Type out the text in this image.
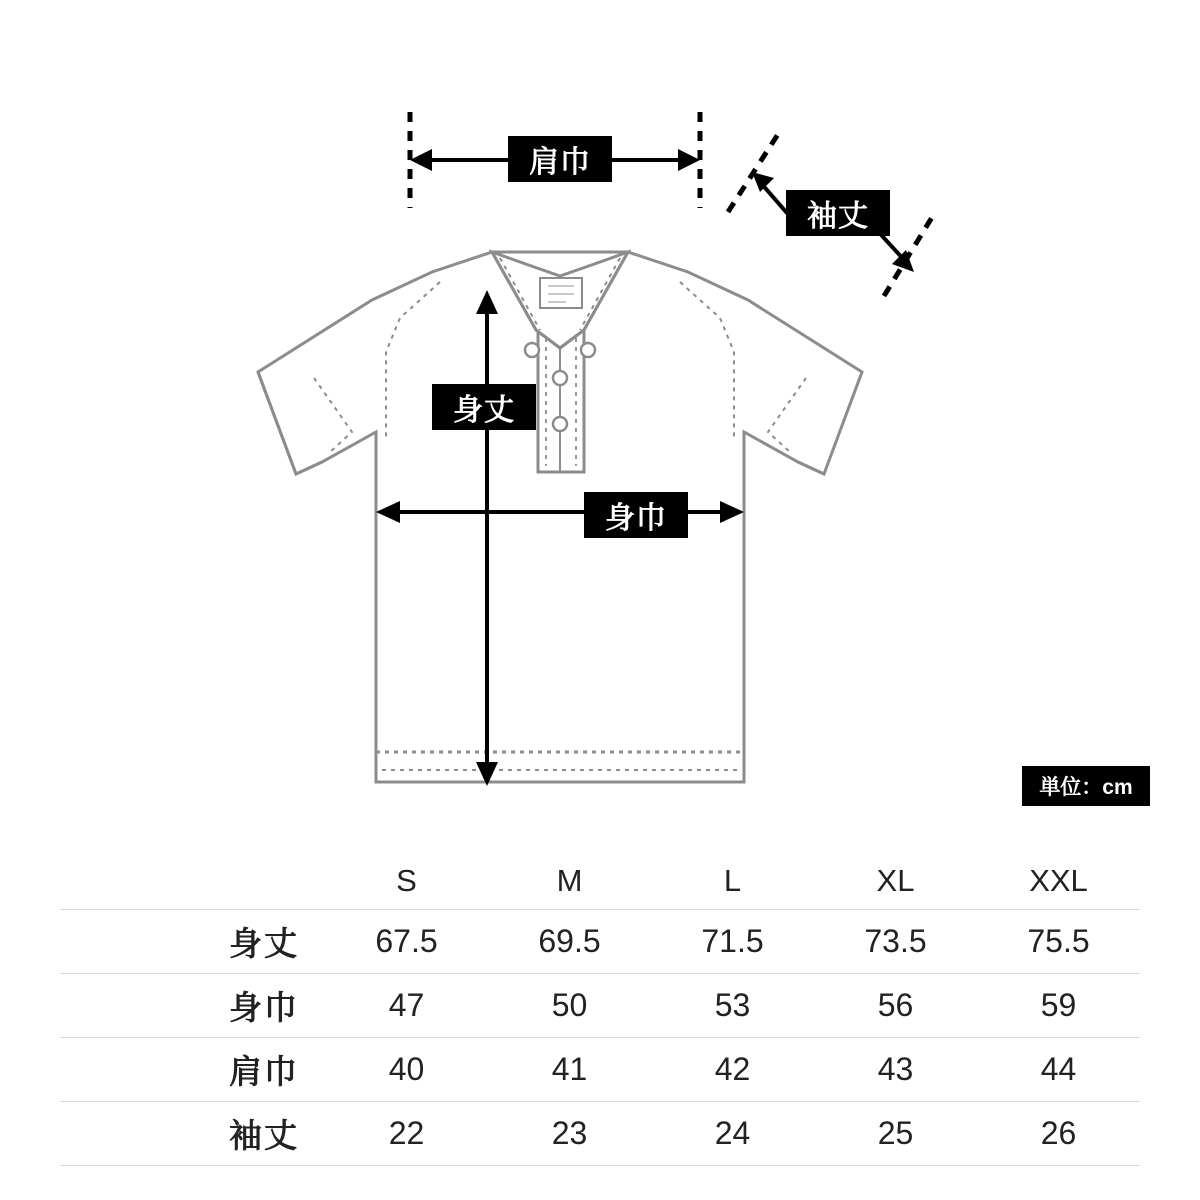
肩巾
袖丈
身丈
身巾
単位：cm
	S	M	L	XL	XXL
身丈	67.5	69.5	71.5	73.5	75.5
身巾	47	50	53	56	59
肩巾	40	41	42	43	44
袖丈	22	23	24	25	26
